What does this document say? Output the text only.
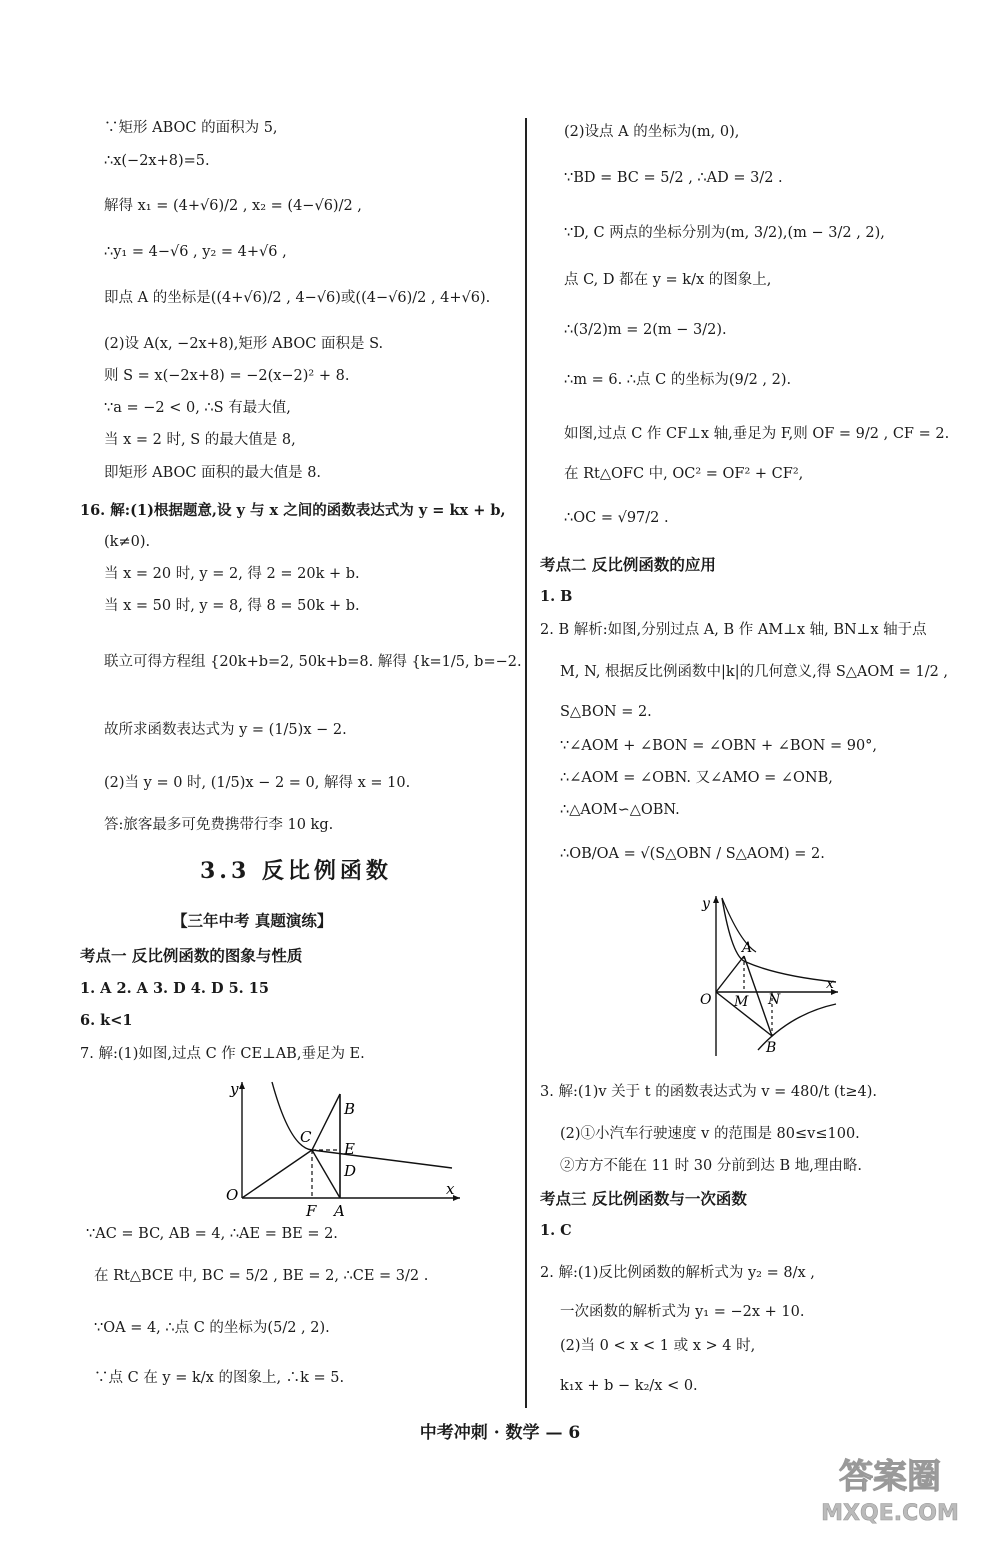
∵矩形 ABOC 的面积为 5,
∴x(−2x+8)=5.
解得 x₁ = (4+√6)/2 , x₂ = (4−√6)/2 ,
∴y₁ = 4−√6 , y₂ = 4+√6 ,
即点 A 的坐标是((4+√6)/2 , 4−√6)或((4−√6)/2 , 4+√6).
(2)设 A(x, −2x+8),矩形 ABOC 面积是 S.
则 S = x(−2x+8) = −2(x−2)² + 8.
∵a = −2 < 0, ∴S 有最大值,
当 x = 2 时, S 的最大值是 8,
即矩形 ABOC 面积的最大值是 8.
16. 解:(1)根据题意,设 y 与 x 之间的函数表达式为 y = kx + b,
(k≠0).
当 x = 20 时, y = 2, 得 2 = 20k + b.
当 x = 50 时, y = 8, 得 8 = 50k + b.
联立可得方程组 {20k+b=2, 50k+b=8. 解得 {k=1/5, b=−2.
故所求函数表达式为 y = (1/5)x − 2.
(2)当 y = 0 时, (1/5)x − 2 = 0, 解得 x = 10.
答:旅客最多可免费携带行李 10 kg.
3.3 反比例函数
【三年中考 真题演练】
考点一 反比例函数的图象与性质
1. A 2. A 3. D 4. D 5. 15
6. k<1
7. 解:(1)如图,过点 C 作 CE⊥AB,垂足为 E.
y
B
C
E
D
O
F A
x
∵AC = BC, AB = 4, ∴AE = BE = 2.
在 Rt△BCE 中, BC = 5/2 , BE = 2, ∴CE = 3/2 .
∵OA = 4, ∴点 C 的坐标为(5/2 , 2).
∵点 C 在 y = k/x 的图象上, ∴k = 5.
(2)设点 A 的坐标为(m, 0),
∵BD = BC = 5/2 , ∴AD = 3/2 .
∵D, C 两点的坐标分别为(m, 3/2),(m − 3/2 , 2),
点 C, D 都在 y = k/x 的图象上,
∴(3/2)m = 2(m − 3/2).
∴m = 6. ∴点 C 的坐标为(9/2 , 2).
如图,过点 C 作 CF⊥x 轴,垂足为 F,则 OF = 9/2 , CF = 2.
在 Rt△OFC 中, OC² = OF² + CF²,
∴OC = √97/2 .
考点二 反比例函数的应用
1. B
2. B 解析:如图,分别过点 A, B 作 AM⊥x 轴, BN⊥x 轴于点
M, N, 根据反比例函数中|k|的几何意义,得 S△AOM = 1/2 ,
S△BON = 2.
∵∠AOM + ∠BON = ∠OBN + ∠BON = 90°,
∴∠AOM = ∠OBN. 又∠AMO = ∠ONB,
∴△AOM∽△OBN.
∴OB/OA = √(S△OBN / S△AOM) = 2.
y
A
O M N
x
B
3. 解:(1)v 关于 t 的函数表达式为 v = 480/t (t≥4).
(2)①小汽车行驶速度 v 的范围是 80≤v≤100.
②方方不能在 11 时 30 分前到达 B 地,理由略.
考点三 反比例函数与一次函数
1. C
2. 解:(1)反比例函数的解析式为 y₂ = 8/x ,
一次函数的解析式为 y₁ = −2x + 10.
(2)当 0 < x < 1 或 x > 4 时,
k₁x + b − k₂/x < 0.
中考冲刺 · 数学 — 6
答案圈
MXQE.COM
